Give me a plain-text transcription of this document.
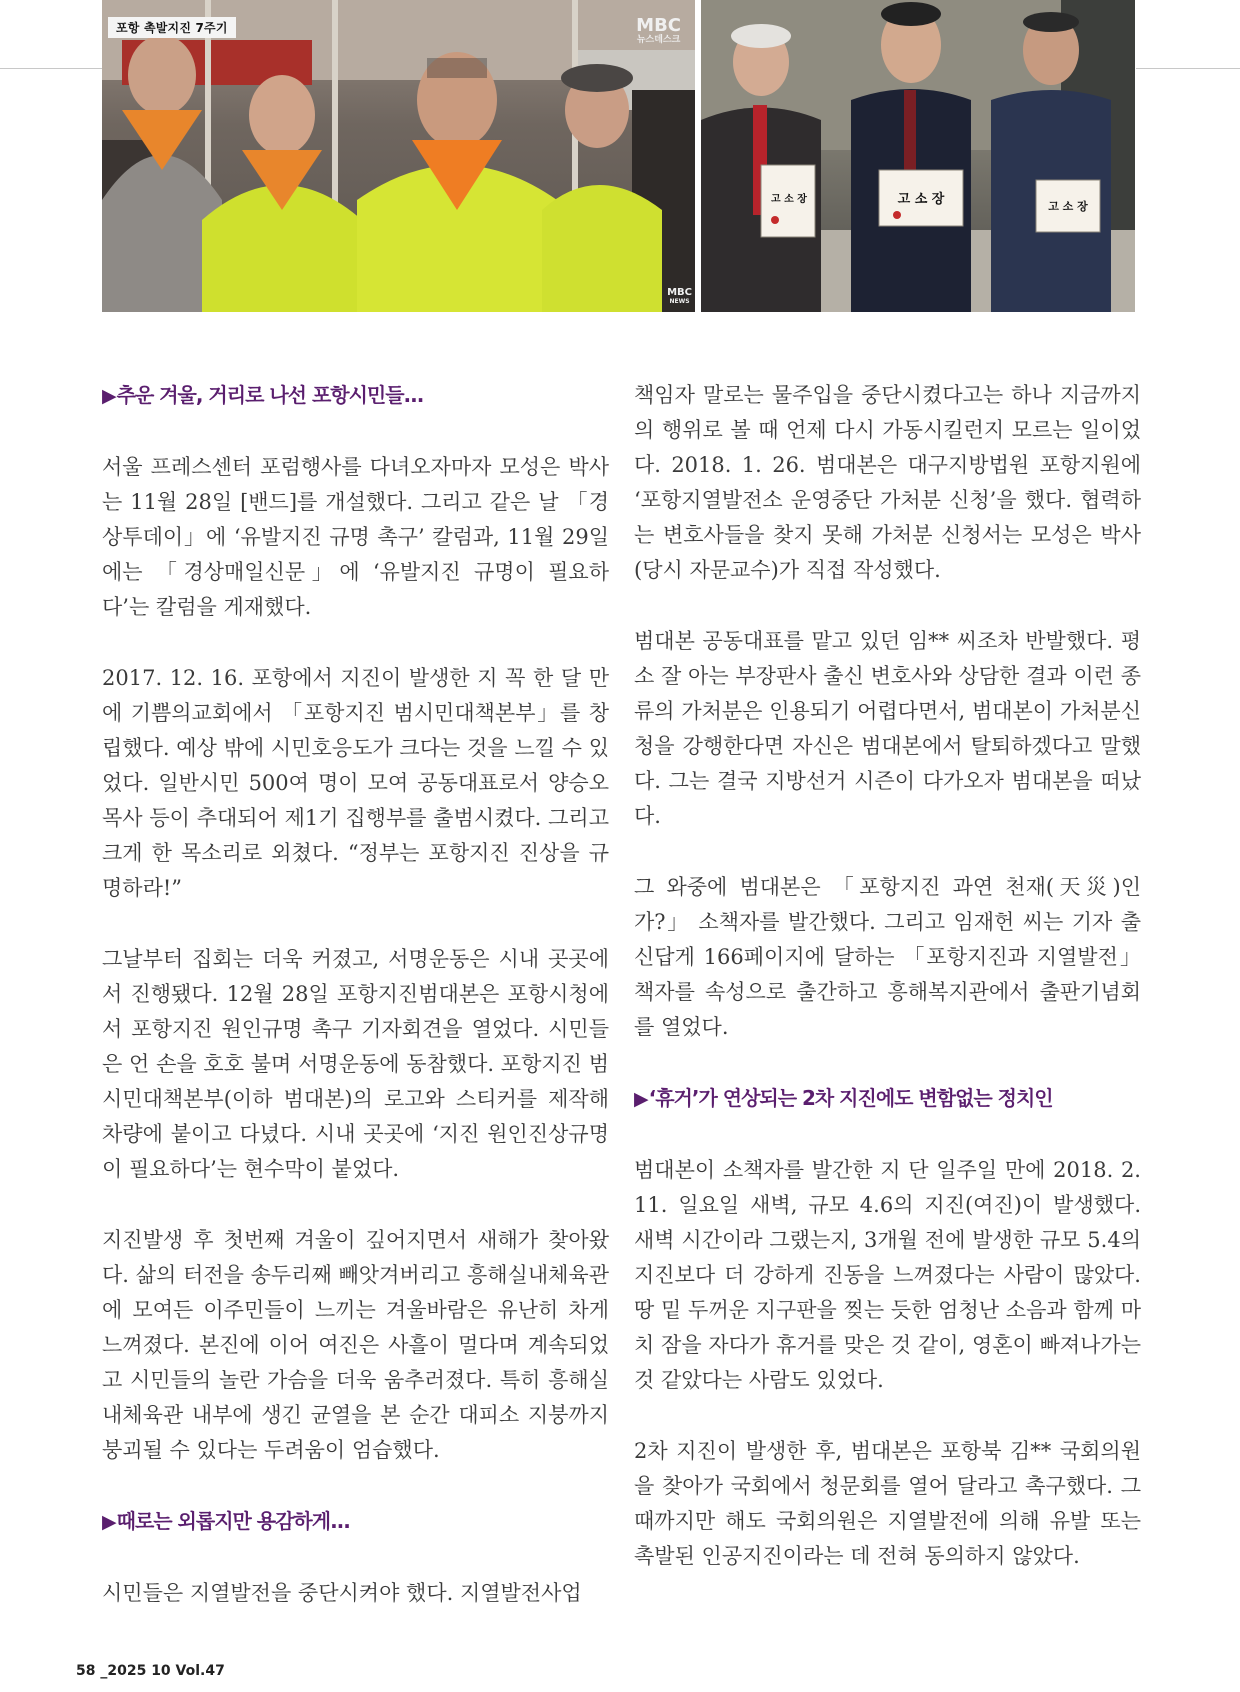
포항 촉발지진 7주기	MBC
뉴스데스크
MBC
NEWS
고 소 장	고 소 장	고 소 장
▶추운 겨울, 거리로 나선 포항시민들...

서울 프레스센터 포럼행사를 다녀오자마자 모성은 박사는 11월 28일 [밴드]를 개설했다. 그리고 같은 날 「경상투데이」에 ‘유발지진 규명 촉구’ 칼럼과, 11월 29일에는 「경상매일신문」에 ‘유발지진 규명이 필요하다’는 칼럼을 게재했다.

2017. 12. 16. 포항에서 지진이 발생한 지 꼭 한 달 만에 기쁨의교회에서 「포항지진 범시민대책본부」를 창립했다. 예상 밖에 시민호응도가 크다는 것을 느낄 수 있었다. 일반시민 500여 명이 모여 공동대표로서 양승오 목사 등이 추대되어 제1기 집행부를 출범시켰다. 그리고 크게 한 목소리로 외쳤다. “정부는 포항지진 진상을 규명하라!”

그날부터 집회는 더욱 커졌고, 서명운동은 시내 곳곳에서 진행됐다. 12월 28일 포항지진범대본은 포항시청에서 포항지진 원인규명 촉구 기자회견을 열었다. 시민들은 언 손을 호호 불며 서명운동에 동참했다. 포항지진 범시민대책본부(이하 범대본)의 로고와 스티커를 제작해 차량에 붙이고 다녔다. 시내 곳곳에 ‘지진 원인진상규명이 필요하다’는 현수막이 붙었다.

지진발생 후 첫번째 겨울이 깊어지면서 새해가 찾아왔다. 삶의 터전을 송두리째 빼앗겨버리고 흥해실내체육관에 모여든 이주민들이 느끼는 겨울바람은 유난히 차게 느껴졌다. 본진에 이어 여진은 사흘이 멀다며 계속되었고 시민들의 놀란 가슴을 더욱 움추러졌다. 특히 흥해실내체육관 내부에 생긴 균열을 본 순간 대피소 지붕까지 붕괴될 수 있다는 두려움이 엄습했다.

▶때로는 외롭지만 용감하게...

시민들은 지열발전을 중단시켜야 했다. 지열발전사업

책임자 말로는 물주입을 중단시켰다고는 하나 지금까지의 행위로 볼 때 언제 다시 가동시킬런지 모르는 일이었다. 2018. 1. 26. 범대본은 대구지방법원 포항지원에 ‘포항지열발전소 운영중단 가처분 신청’을 했다. 협력하는 변호사들을 찾지 못해 가처분 신청서는 모성은 박사(당시 자문교수)가 직접 작성했다.

범대본 공동대표를 맡고 있던 임** 씨조차 반발했다. 평소 잘 아는 부장판사 출신 변호사와 상담한 결과 이런 종류의 가처분은 인용되기 어렵다면서, 범대본이 가처분신청을 강행한다면 자신은 범대본에서 탈퇴하겠다고 말했다. 그는 결국 지방선거 시즌이 다가오자 범대본을 떠났다.

그 와중에 범대본은 「포항지진 과연 천재(天災)인가?」 소책자를 발간했다. 그리고 임재헌 씨는 기자 출신답게 166페이지에 달하는 「포항지진과 지열발전」 책자를 속성으로 출간하고 흥해복지관에서 출판기념회를 열었다.

▶‘휴거’가 연상되는 2차 지진에도 변함없는 정치인

범대본이 소책자를 발간한 지 단 일주일 만에 2018. 2. 11. 일요일 새벽, 규모 4.6의 지진(여진)이 발생했다. 새벽 시간이라 그랬는지, 3개월 전에 발생한 규모 5.4의 지진보다 더 강하게 진동을 느껴졌다는 사람이 많았다. 땅 밑 두꺼운 지구판을 찢는 듯한 엄청난 소음과 함께 마치 잠을 자다가 휴거를 맞은 것 같이, 영혼이 빠져나가는 것 같았다는 사람도 있었다.

2차 지진이 발생한 후, 범대본은 포항북 김** 국회의원을 찾아가 국회에서 청문회를 열어 달라고 촉구했다. 그때까지만 해도 국회의원은 지열발전에 의해 유발 또는 촉발된 인공지진이라는 데 전혀 동의하지 않았다.

58 _2025 10 Vol.47
